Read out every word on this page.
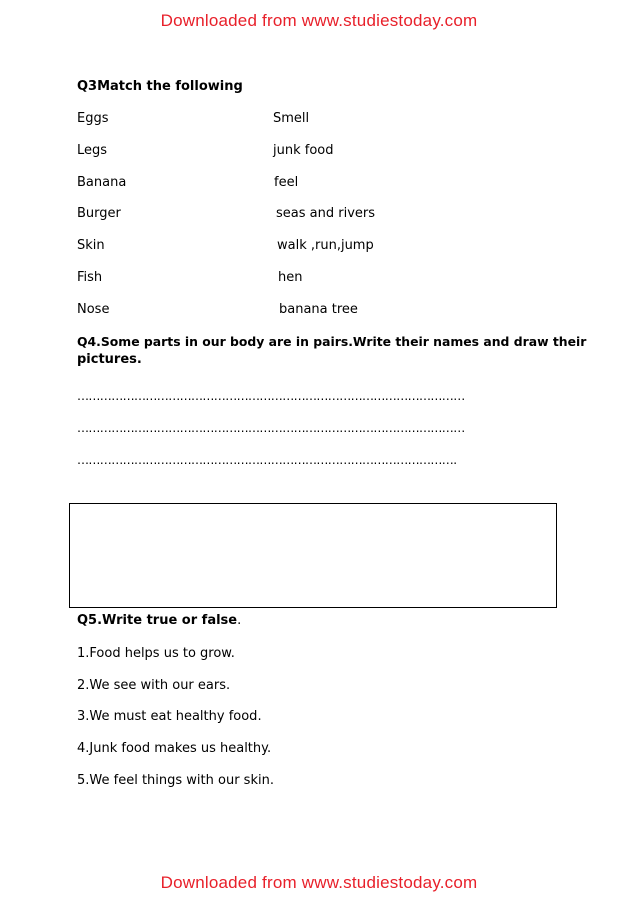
Downloaded from www.studiestoday.com
Q3Match the following
Eggs	Smell
Legs	junk food
Banana	feel
Burger	seas and rivers
Skin	walk ,run,jump
Fish	hen
Nose	banana tree
Q4.Some parts in our body are in pairs.Write their names and draw their
pictures.
…………………………………………………………………………………………
…………………………………………………………………………………………
……………………………………………………………………………………….
Q5.Write true or false.
1.Food helps us to grow.
2.We see with our ears.
3.We must eat healthy food.
4.Junk food makes us healthy.
5.We feel things with our skin.
Downloaded from www.studiestoday.com
